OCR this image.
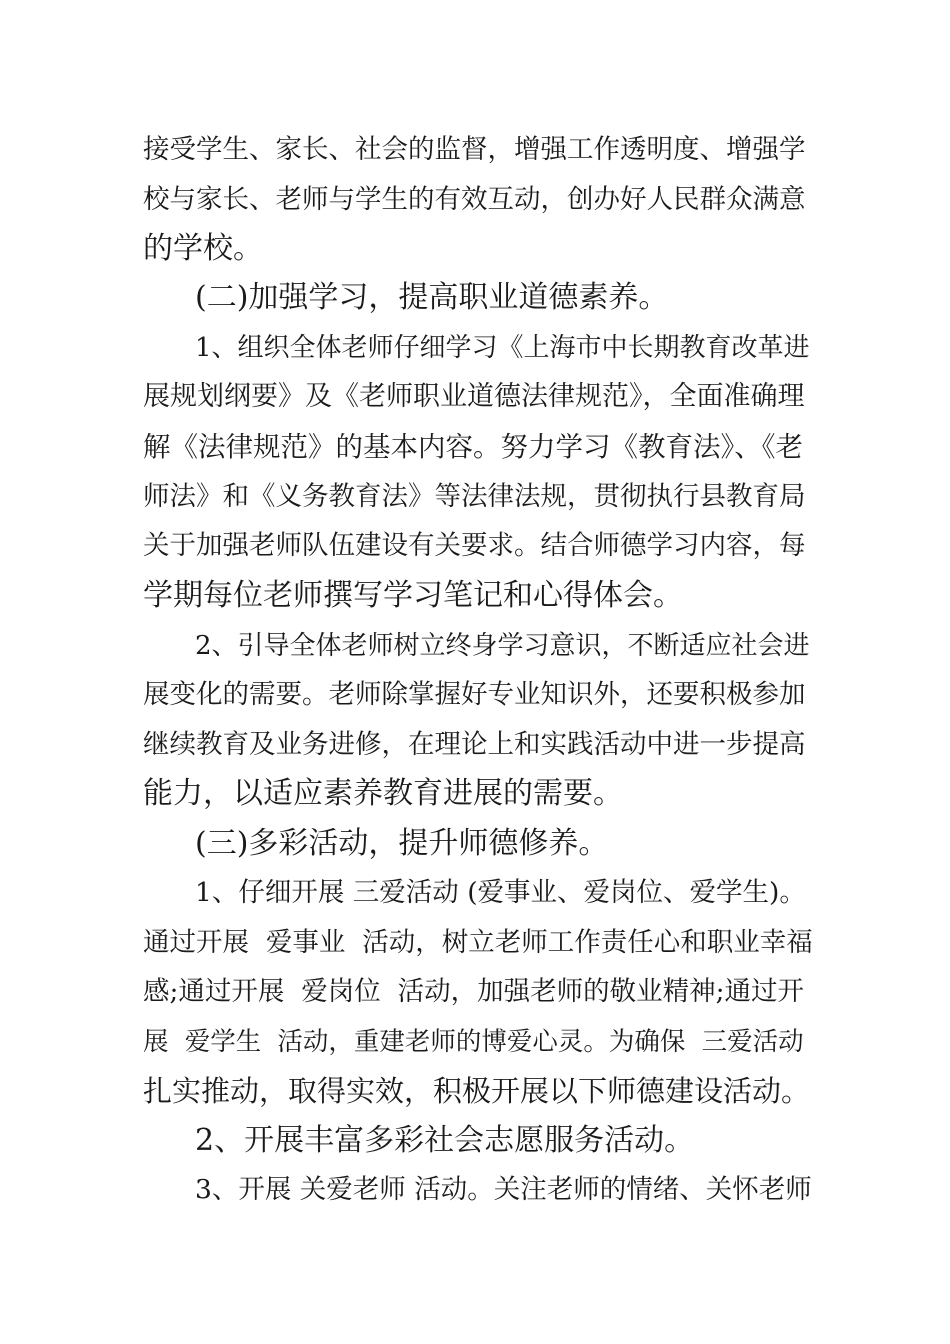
接受学生、家长、社会的监督，增强工作透明度、增强学
校与家长、老师与学生的有效互动，创办好人民群众满意
的学校。
(二)加强学习，提高职业道德素养。
1、组织全体老师仔细学习《上海市中长期教育改革进
展规划纲要》及《老师职业道德法律规范》，全面准确理
解《法律规范》的基本内容。努力学习《教育法》、《老
师法》和《义务教育法》等法律法规，贯彻执行县教育局
关于加强老师队伍建设有关要求。结合师德学习内容，每
学期每位老师撰写学习笔记和心得体会。
2、引导全体老师树立终身学习意识，不断适应社会进
展变化的需要。老师除掌握好专业知识外，还要积极参加
继续教育及业务进修，在理论上和实践活动中进一步提高
能力，以适应素养教育进展的需要。
(三)多彩活动，提升师德修养。
1、仔细开展 三爱活动 (爱事业、爱岗位、爱学生)。
通过开展  爱事业  活动，树立老师工作责任心和职业幸福
感;通过开展  爱岗位  活动，加强老师的敬业精神;通过开
展  爱学生  活动，重建老师的博爱心灵。为确保  三爱活动
扎实推动，取得实效，积极开展以下师德建设活动。
2、开展丰富多彩社会志愿服务活动。
3、开展 关爱老师 活动。关注老师的情绪、关怀老师
